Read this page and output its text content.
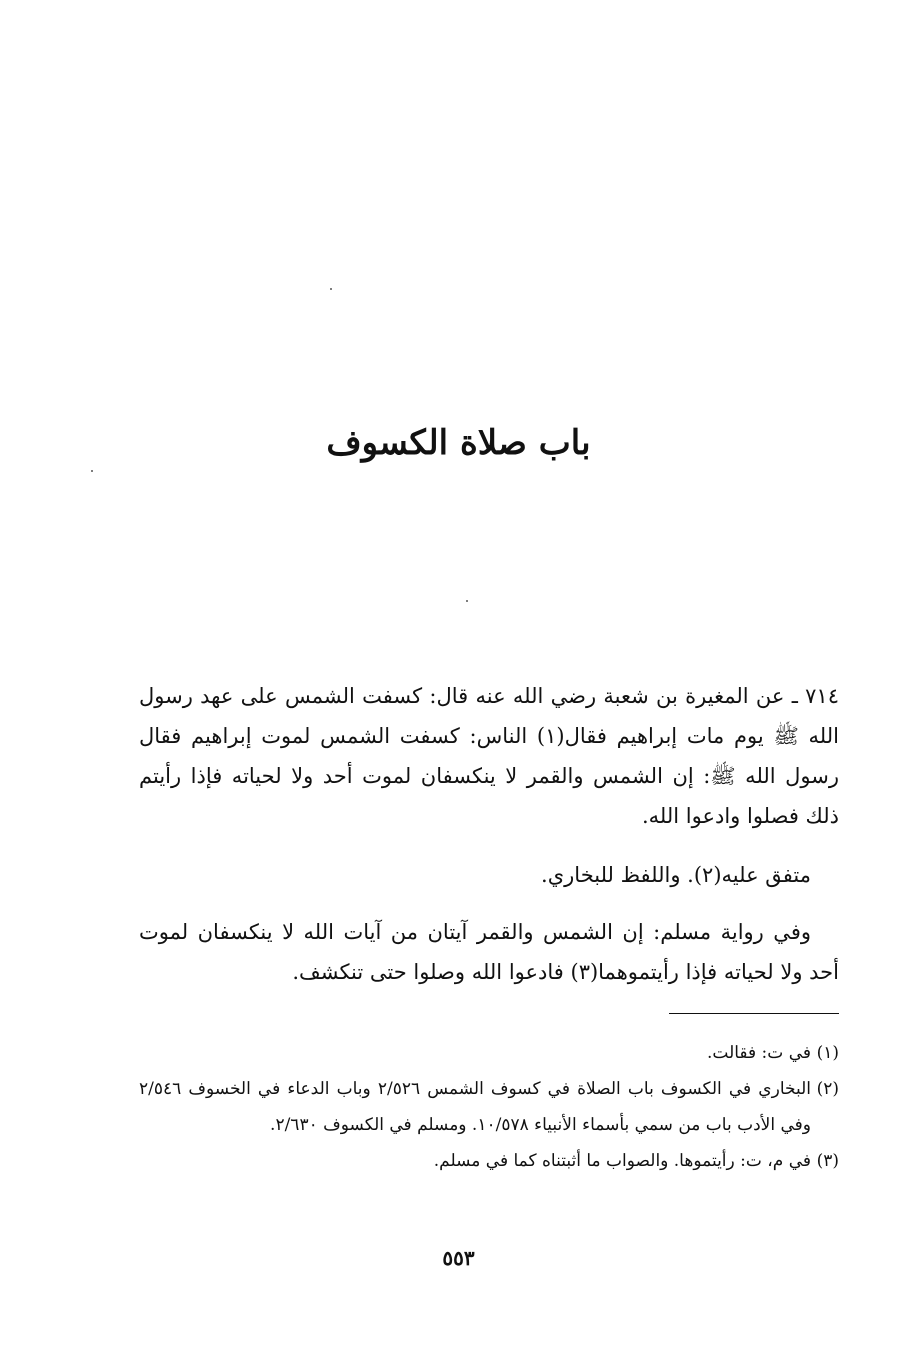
باب صلاة الكسوف

٧١٤ ـ عن المغيرة بن شعبة رضي الله عنه قال: كسفت الشمس على عهد رسول الله ﷺ يوم مات إبراهيم فقال(١) الناس: كسفت الشمس لموت إبراهيم فقال رسول الله ﷺ: إن الشمس والقمر لا ينكسفان لموت أحد ولا لحياته فإذا رأيتم ذلك فصلوا وادعوا الله.

متفق عليه(٢). واللفظ للبخاري.

وفي رواية مسلم: إن الشمس والقمر آيتان من آيات الله لا ينكسفان لموت أحد ولا لحياته فإذا رأيتموهما(٣) فادعوا الله وصلوا حتى تنكشف.

(١)في ت: فقالت.
(٢)البخاري في الكسوف باب الصلاة في كسوف الشمس ٢/٥٢٦ وباب الدعاء في الخسوف ٢/٥٤٦ وفي الأدب باب من سمي بأسماء الأنبياء ١٠/٥٧٨. ومسلم في الكسوف ٢/٦٣٠.
(٣)في م، ت: رأيتموها. والصواب ما أثبتناه كما في مسلم.
٥٥٣
